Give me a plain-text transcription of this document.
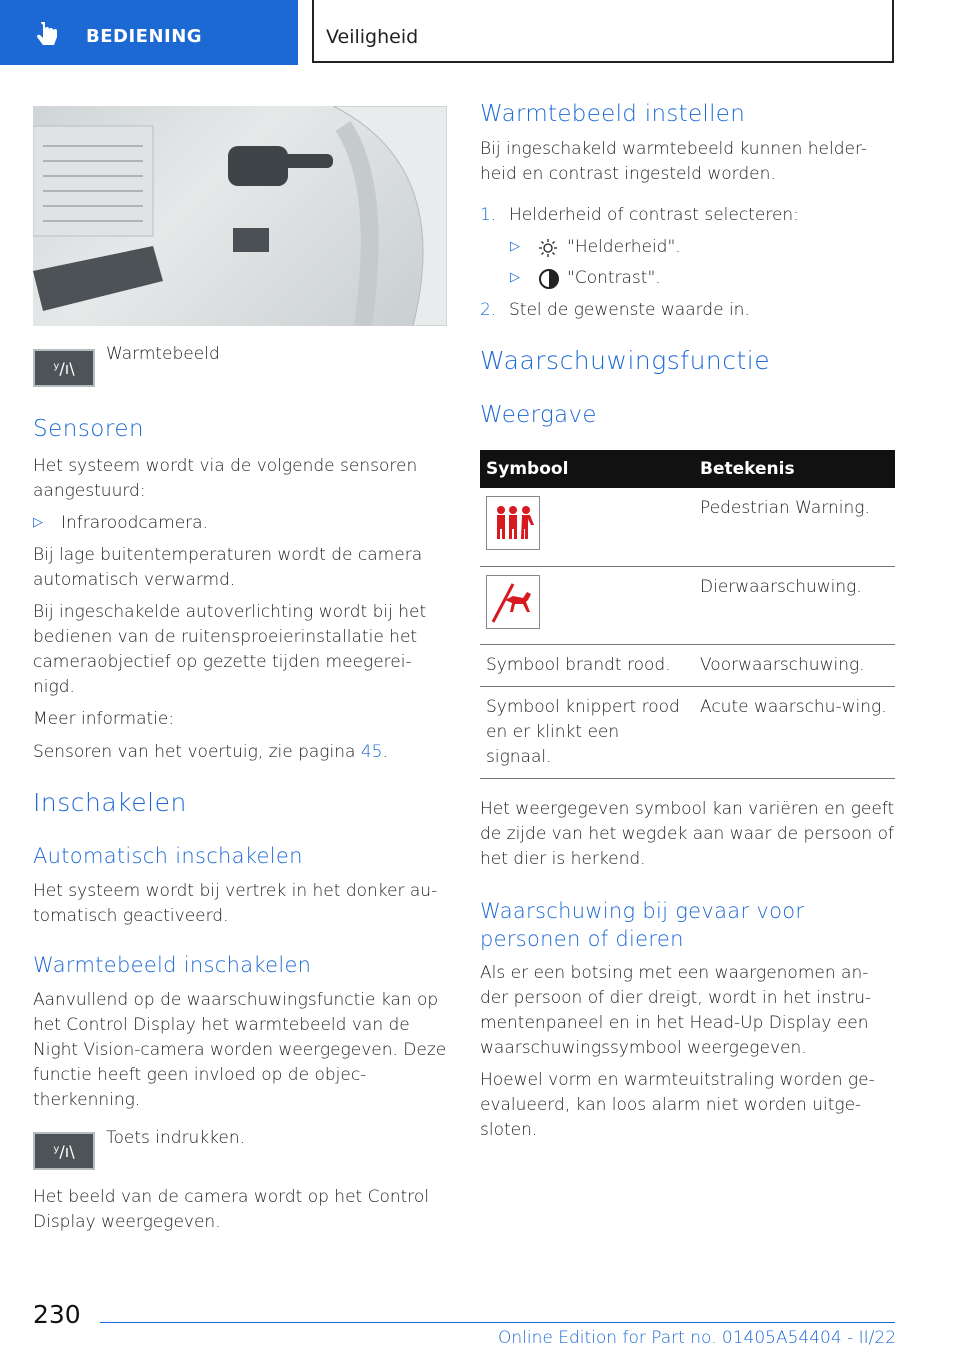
BEDIENING	Veiligheid
ʸ/ı\

Warmtebeeld

Sensoren

Het systeem wordt via de volgende sensoren aangestuurd:

▷ Infraroodcamera.

Bij lage buitentemperaturen wordt de camera automatisch verwarmd.

Bij ingeschakelde autoverlichting wordt bij het bedienen van de ruitensproeierinstallatie het cameraobjectief op gezette tijden meegerei‐nigd.

Meer informatie:

Sensoren van het voertuig, zie pagina 45.

Inschakelen
Automatisch inschakelen

Het systeem wordt bij vertrek in het donker au‐tomatisch geactiveerd.

Warmtebeeld inschakelen

Aanvullend op de waarschuwingsfunctie kan op het Control Display het warmtebeeld van de Night Vision-camera worden weergegeven. Deze functie heeft geen invloed op de objec‐therkenning.

ʸ/ı\

Toets indrukken.

Het beeld van de camera wordt op het Control Display weergegeven.

Warmtebeeld instellen

Bij ingeschakeld warmtebeeld kunnen helder‐heid en contrast ingesteld worden.

1. Helderheid of contrast selecteren:
▷	"Helderheid".
▷	"Contrast".
2. Stel de gewenste waarde in.
Waarschuwingsfunctie
Weergave
Symbool	Betekenis

	Pedestrian Warning.

	Dierwaarschuwing.
Symbool brandt rood.	Voorwaarschuwing.
Symbool knippert rood en er klinkt een signaal.	Acute waarschu‐wing.

Het weergegeven symbool kan variëren en geeft de zijde van het wegdek aan waar de persoon of het dier is herkend.

Waarschuwing bij gevaar voor personen of dieren

Als er een botsing met een waargenomen an‐der persoon of dier dreigt, wordt in het instru‐mentenpaneel en in het Head-Up Display een waarschuwingssymbool weergegeven.

Hoewel vorm en warmteuitstraling worden ge‐evalueerd, kan loos alarm niet worden uitge‐sloten.

230
Online Edition for Part no. 01405A54404 - II/22
